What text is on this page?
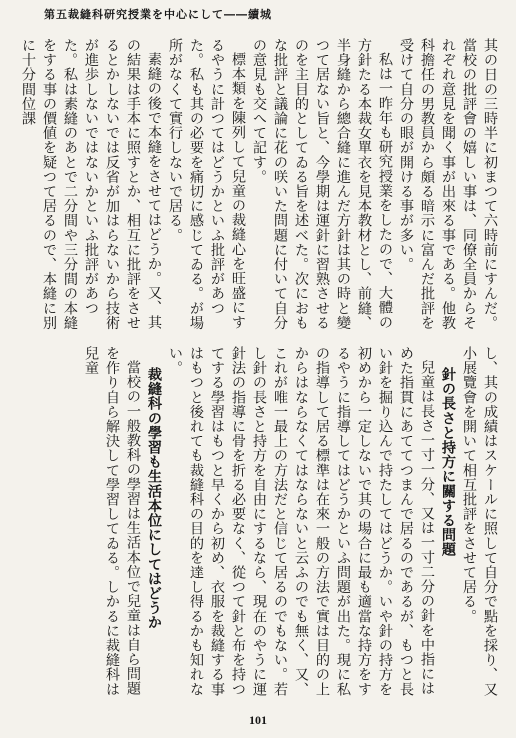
第五裁縫科研究授業を中心にして――續城

其の日の三時半に初まつて六時前にすんだ。當校の批評會の嬉しい事は、同僚全員からそれぞれ意見を聞く事が出來る事である。他教科擔任の男教員から頗る暗示に富んだ批評を受けて自分の眼が開ける事が多い。

私は一昨年も研究授業をしたので、大體の方針たる本裁女單衣を見本教材とし、前縫、半身縫から總合縫に進んだ方針は其の時と變つて居ない旨と、今學期は運針に習熟させるのを主目的としてゐる旨を述べた。次におもな批評と議論に花の咲いた問題に付いて自分の意見も交へて記す。

標本類を陳列して兒童の裁縫心を旺盛にするやうに計つてはどうかといふ批評があつた。私も其の必要を痛切に感じてゐる。が場所がなくて實行しないで居る。

素縫の後で本縫をさせてはどうか。又、其の結果は手本に照すとか、相互に批評をさせるとかしないでは反省が加はらないから技術が進歩しないではないかといふ批評があつた。私は素縫のあとで二分間や三分間の本縫をする事の價値を疑つて居るので、本縫に別に十分間位課

し、其の成績はスケールに照して自分で點を採り、又小展覽會を開いて相互批評をさせて居る。

針の長さと持方に關する問題

兒童は長さ一寸一分、又は一寸二分の針を中指にはめた指貫にあててつまんで居るのであるが、もつと長い針を掘り込んで持たしてはどうか。いや針の持方を初めから一定しないで其の場合に最も適當な持方をするやうに指導してはどうかといふ問題が出た。現に私の指導して居る標準は在來一般の方法で實は目的の上からはならなくてはならないと云ふのでも無く、又、これが唯一最上の方法だと信じて居るのでもない。若し針の長さと持方を自由にするなら、現在のやうに運針法の指導に骨を折る必要なく、從つて針と布を持つてする學習はもつと早くから初め、衣服を裁縫する事はもつと後れても裁縫科の目的を達し得るかも知れない。

裁縫科の學習も生活本位にしてはどうか

當校の一般教科の學習は生活本位で兒童は自ら問題を作り自ら解決して學習してゐる。しかるに裁縫科は兒童

101
